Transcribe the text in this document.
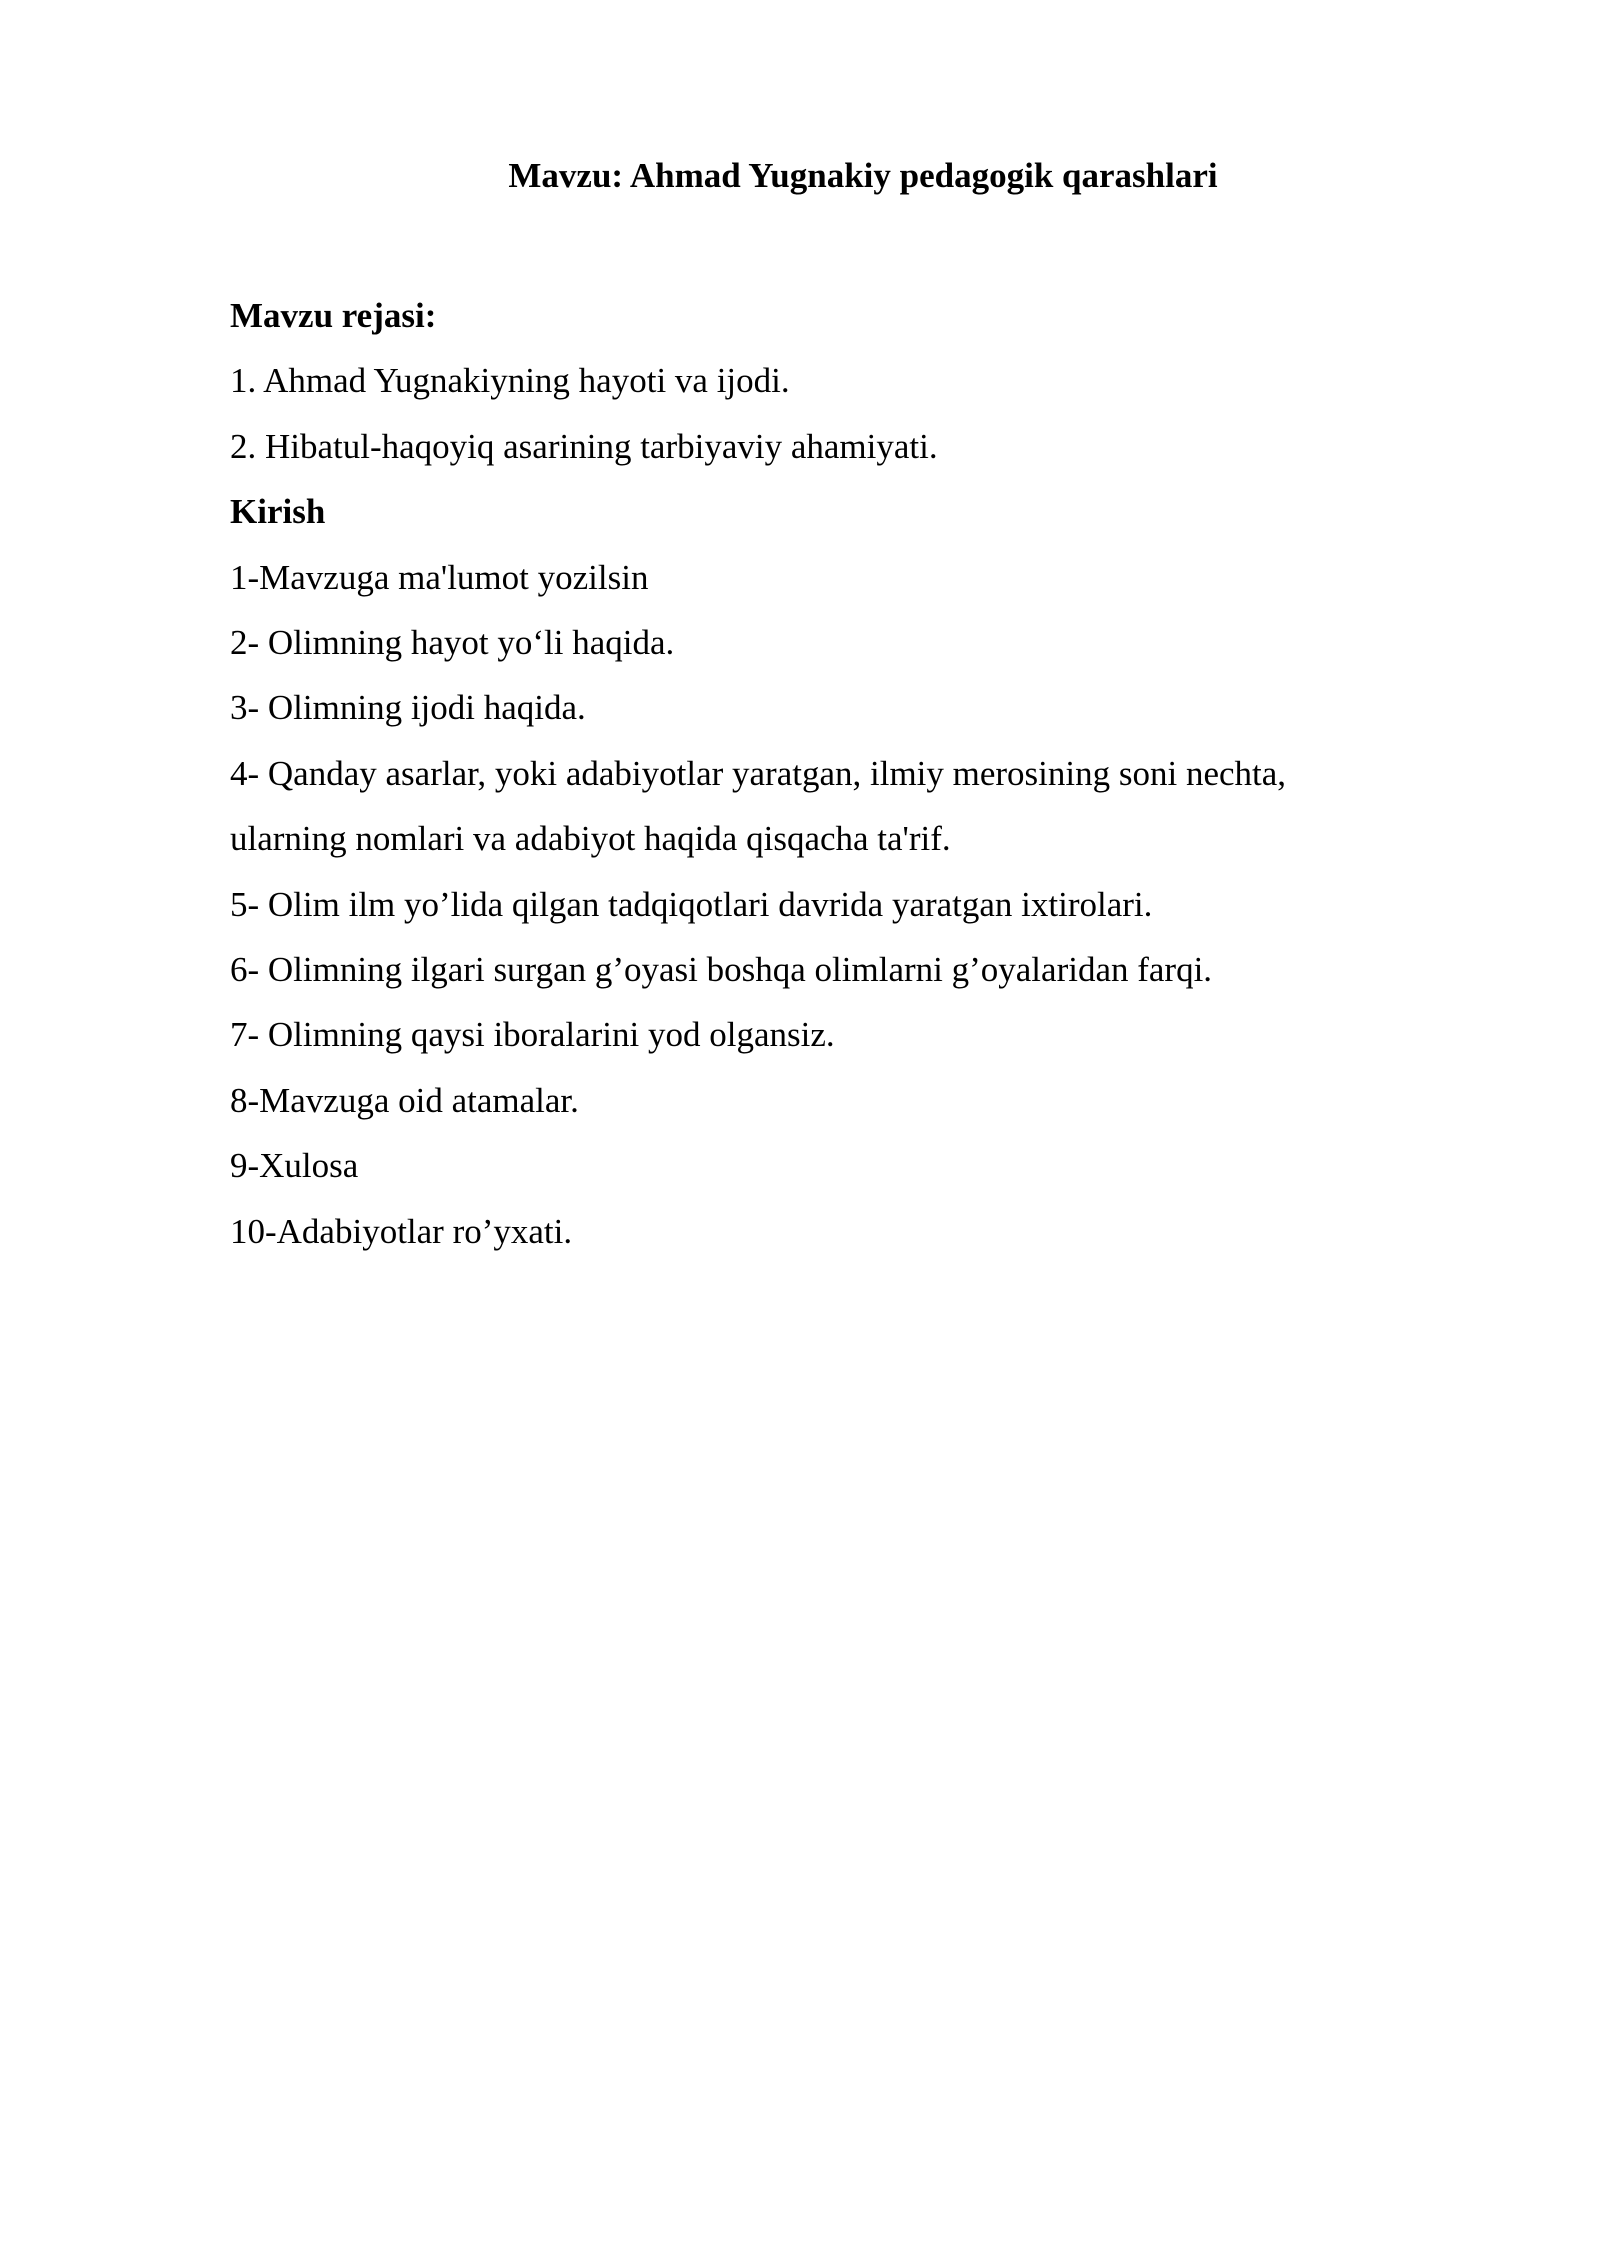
Mavzu: Ahmad Yugnakiy pedagogik qarashlari

Mavzu rejasi:

1. Ahmad Yugnakiyning hayoti va ijodi.

2. Hibatul-haqoyiq asarining tarbiyaviy ahamiyati.

Kirish

1-Mavzuga ma'lumot yozilsin

2- Olimning hayot yo‘li haqida.

3- Olimning ijodi haqida.

4- Qanday asarlar, yoki adabiyotlar yaratgan, ilmiy merosining soni nechta,

ularning nomlari va adabiyot haqida qisqacha ta'rif.

5- Olim ilm yo’lida qilgan tadqiqotlari davrida yaratgan ixtirolari.

6- Olimning ilgari surgan g’oyasi boshqa olimlarni g’oyalaridan farqi.

7- Olimning qaysi iboralarini yod olgansiz.

8-Mavzuga oid atamalar.

9-Xulosa

10-Adabiyotlar ro’yxati.
